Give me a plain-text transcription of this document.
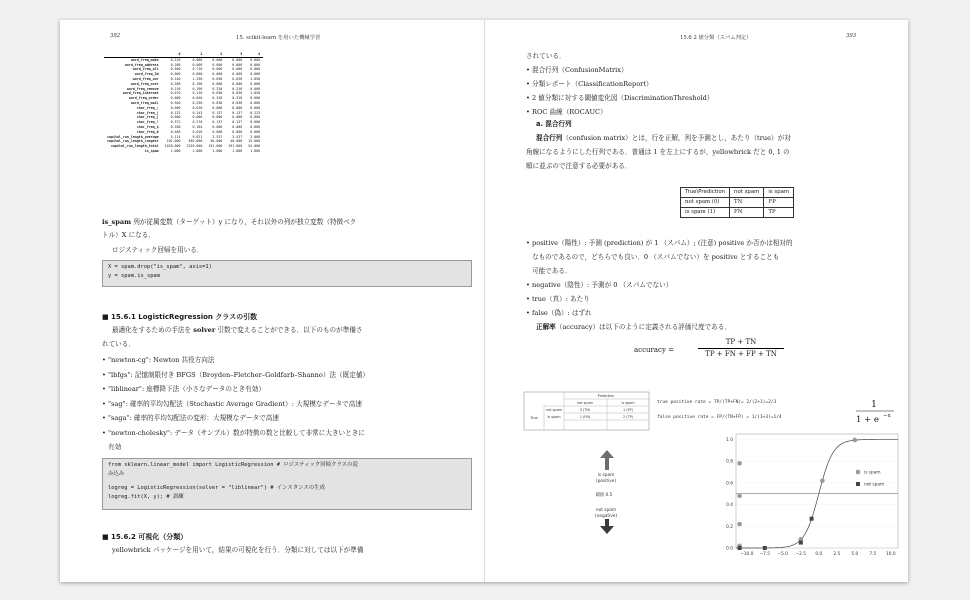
392	15. scikit-learn を用いた機械学習
	0	1	2	3	4
word_freq_make	0.210	0.060	0.000	0.000	0.000
word_freq_address	0.280	0.000	0.000	0.000	0.000
word_freq_all	0.500	0.710	0.000	0.000	0.000
word_freq_3d	0.000	0.000	0.000	0.000	0.000
word_freq_our	0.140	1.230	0.630	0.630	1.850
word_freq_over	0.280	0.190	0.000	0.000	0.000
word_freq_remove	0.210	0.190	0.310	0.310	0.000
word_freq_internet	0.070	0.120	0.630	0.630	1.850
word_freq_order	0.000	0.640	0.310	0.310	0.000
word_freq_mail	0.940	0.250	0.630	0.630	0.000

char_freq_;	0.000	0.010	0.000	0.000	0.000
char_freq_(	0.132	0.143	0.137	0.137	0.223
char_freq_[	0.000	0.000	0.000	0.000	0.000
char_freq_!	0.372	0.276	0.137	0.137	0.000
char_freq_$	0.180	0.184	0.000	0.000	0.000
char_freq_#	0.048	0.010	0.000	0.000	0.000
capital_run_length_average	5.114	9.821	3.537	3.537	3.000
capital_run_length_longest	101.000	485.000	40.000	40.000	15.000
capital_run_length_total	1028.000	2259.000	191.000	191.000	54.000
is_spam	1.000	1.000	1.000	1.000	1.000
is_spam 列が従属変数（ターゲット）y になり，それ以外の列が独立変数（特徴ベク
トル）X になる．
ロジスティック回帰を用いる．
X = spam.drop("is_spam", axis=1)
y = spam.is_spam
■ 15.6.1 LogisticRegression クラスの引数
最適化をするための手法を solver 引数で変えることができる．以下のものが準備さ
れている．
• "newton-cg": Newton 共役方向法
• "lbfgs": 記憶制限付き BFGS（Broyden–Fletcher–Goldfarb–Shanno）法（既定値）
• "liblinear": 座標降下法（小さなデータのとき有効）
• "sag": 確率的平均勾配法（Stochastic Average Gradient）: 大規模なデータで高速
• "saga": 確率的平均勾配法の変形：大規模なデータで高速
• "newton-cholesky": データ（サンプル）数が特徴の数と比較して非常に大きいときに
有効
from sklearn.linear_model import LogisticRegression # ロジスティック回帰クラスの読
み込み
logreg = LogisticRegression(solver = "liblinear") # インスタンスの生成
logreg.fit(X, y); # 訓練
■ 15.6.2 可視化（分類）
yellowbrick パッケージを用いて，結果の可視化を行う．分類に対しては以下が準備
15.6 2 値分類（スパム判定）	393
されている．
• 混合行列（ConfusionMatrix）
• 分類レポート（ClassificationReport）
• 2 値分類に対する閾値変化図（DiscriminationThreshold）
• ROC 曲線（ROCAUC）
a. 混合行列
混合行列（confusion matrix）とは，行を正解，列を予測とし，あたり（true）が対
角線になるようにした行列である．普通は 1 を左上にするが，yellowbrick だと 0, 1 の
順に並ぶので注意する必要がある．
True\Prediction	not spam	is spam
not spam (0)	TN	FP
is spam (1)	FN	TP
• positive（陽性）: 予測 (prediction) が 1 （スパム）; (注意) positive か否かは相対的
なものであるので，どちらでも良い．0 （スパムでない）を positive とすることも
可能である．
• negative（陰性）: 予測が 0 （スパムでない）
• true（真）: あたり
• false（偽）: はずれ
正解率（accuracy）は以下のように定義される評価尺度である．
accuracy =
TP + TN
TP + FN + FP + TN
Prediction
not spam	is spam
True
not spam	3 (TN)	1 (FP)
is spam	1 (FN)	2 (TP)
true positive rate = TP/(TP+FN)= 2/(2+1)=2/3
false positive rate = FP/(TN+FP) = 1/(1+3)=1/4
1
1 + e −x
is spam
(positive)
閾値 0.5
not spam
(negative)
0.0
0.2
0.4
0.6
0.8
1.0
−10.0 −7.5 −5.0 −2.5 0.0	2.5	5.0	7.5 10.0
is spam
not spam
